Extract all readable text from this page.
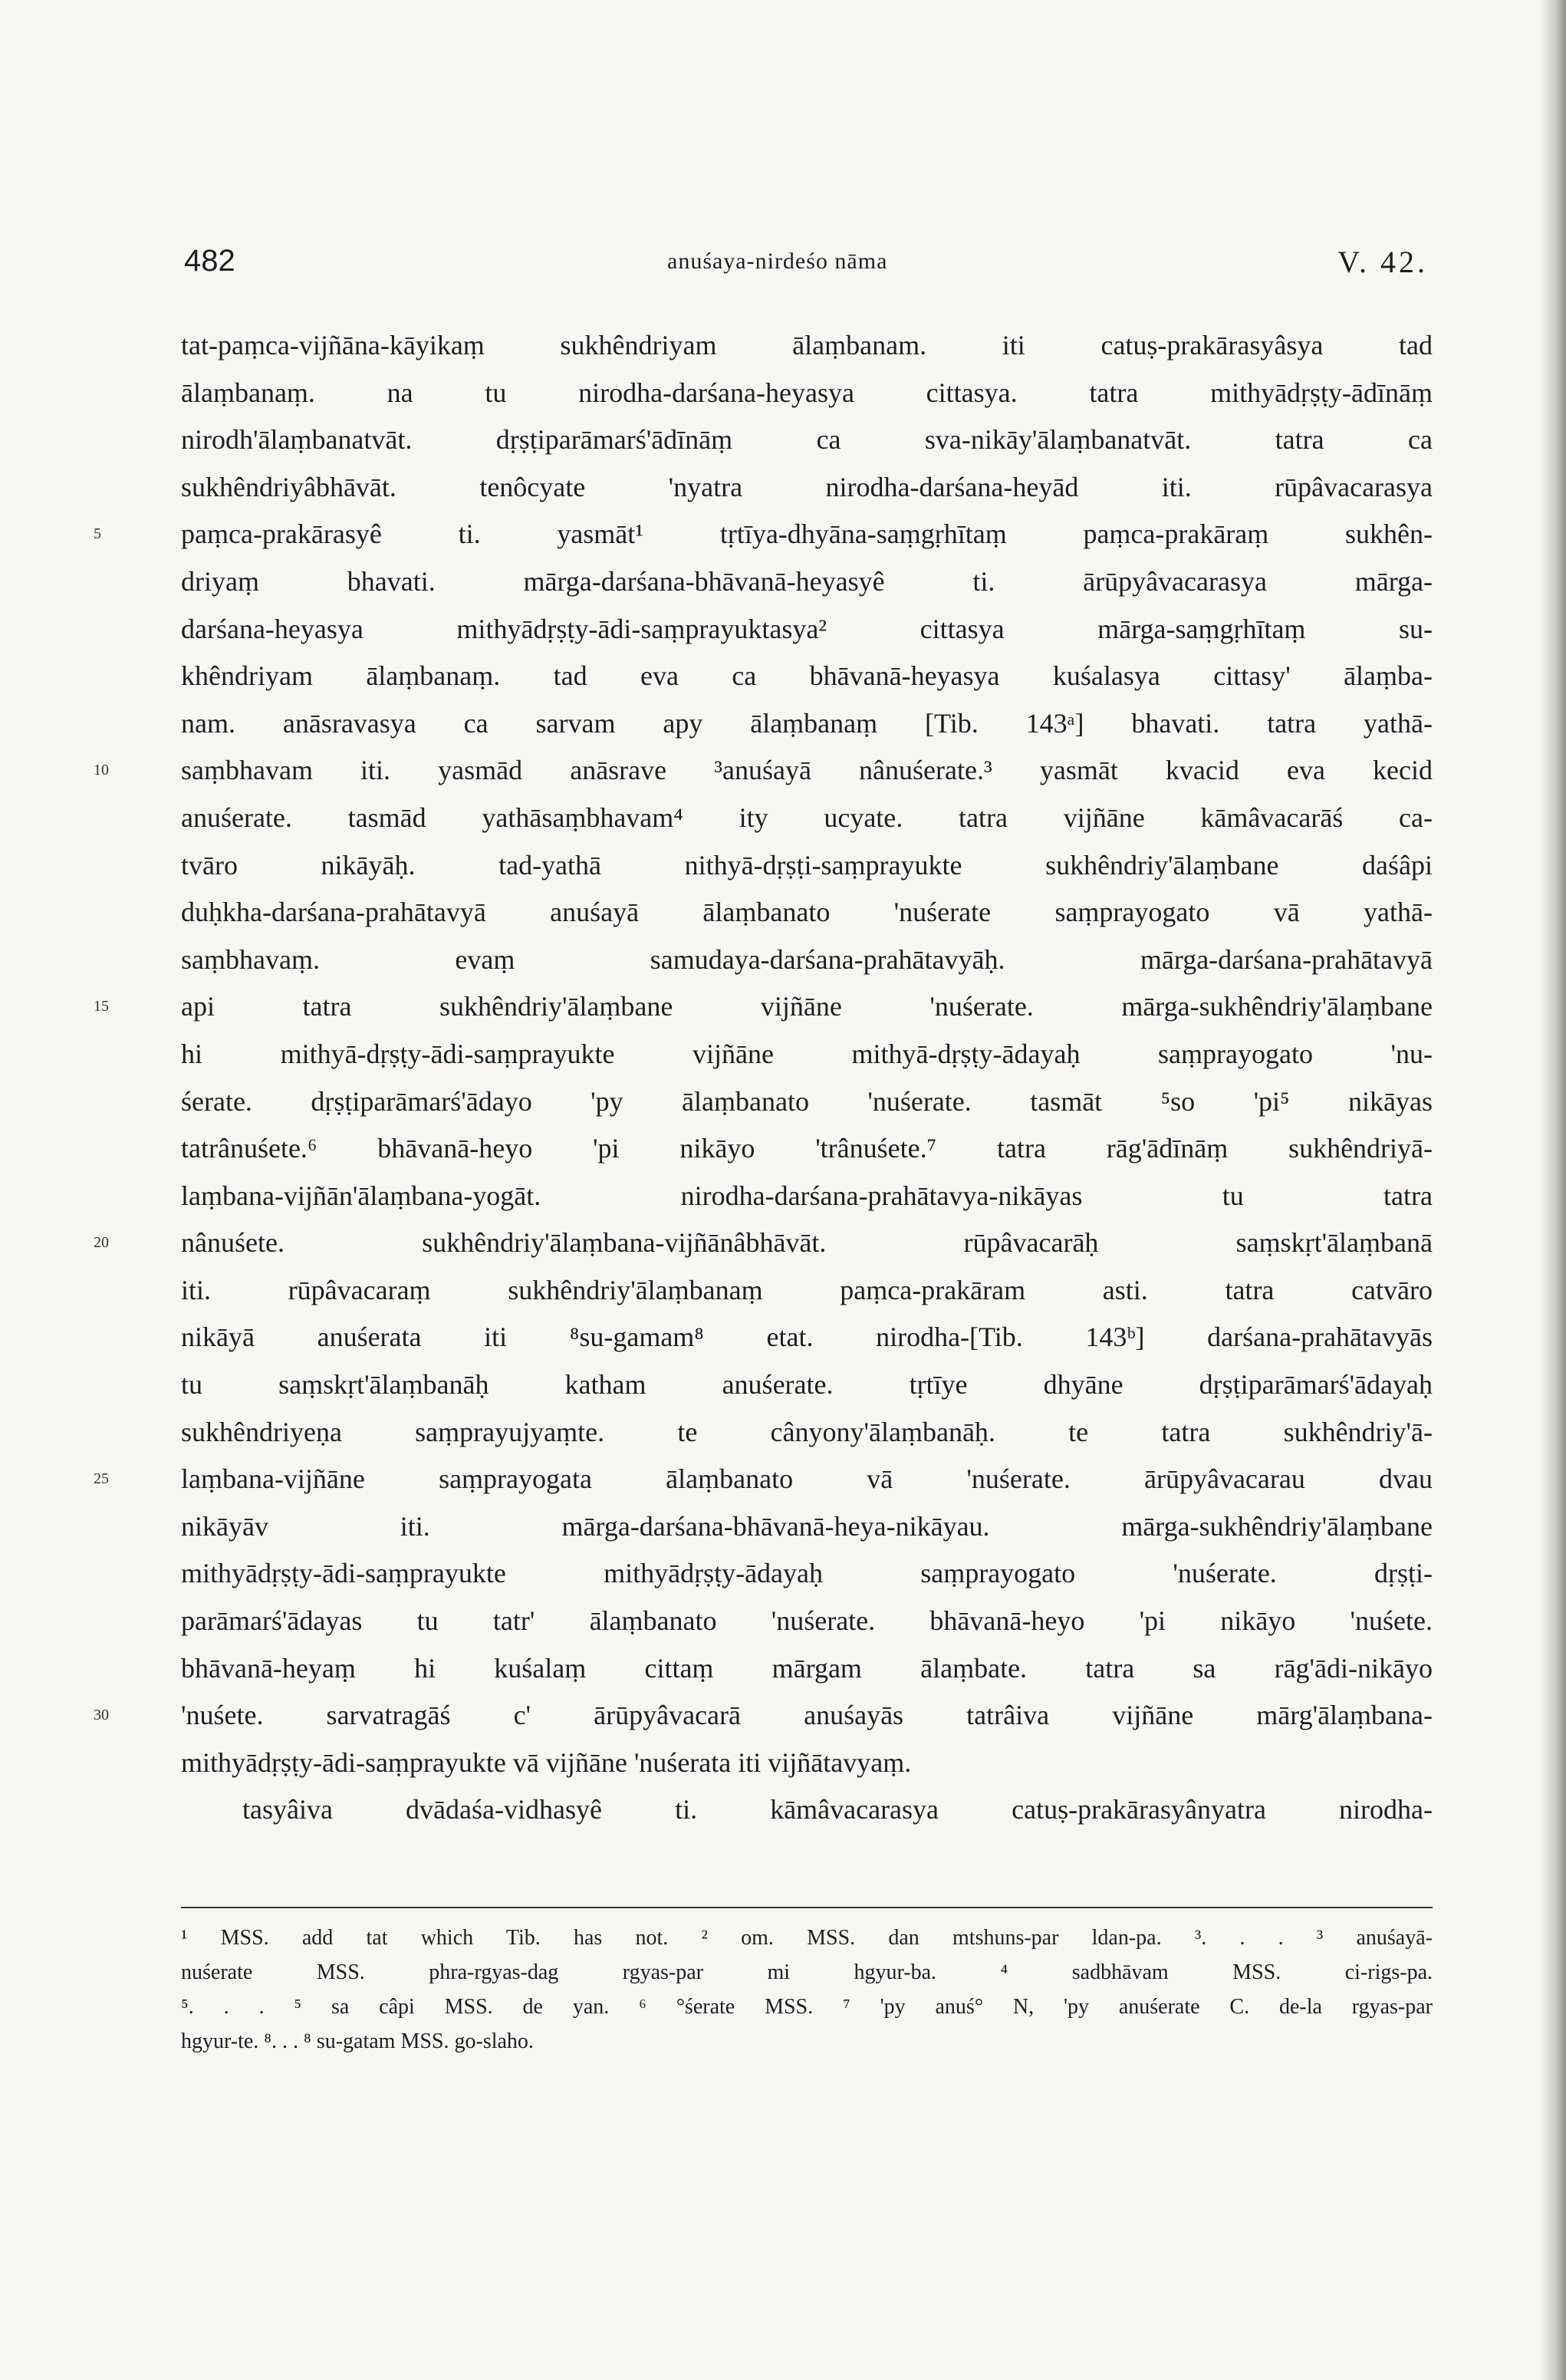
482	anuśaya-nirdeśo nāma	V. 42.
tat-paṃca-vijñāna-kāyikaṃ sukhêndriyam ālaṃbanam. iti catuṣ-prakārasyâsya tad
ālaṃbanaṃ. na tu nirodha-darśana-heyasya cittasya. tatra mithyādṛṣṭy-ādīnāṃ
nirodh'ālaṃbanatvāt. dṛṣṭiparāmarś'ādīnāṃ ca sva-nikāy'ālaṃbanatvāt. tatra ca
sukhêndriyâbhāvāt. tenôcyate 'nyatra nirodha-darśana-heyād iti. rūpâvacarasya
5	paṃca-prakārasyê ti. yasmāt¹ tṛtīya-dhyāna-saṃgṛhītaṃ paṃca-prakāraṃ sukhên-
driyaṃ bhavati. mārga-darśana-bhāvanā-heyasyê ti. ārūpyâvacarasya mārga-
darśana-heyasya mithyādṛṣṭy-ādi-saṃprayuktasya² cittasya mārga-saṃgṛhītaṃ su-
khêndriyam ālaṃbanaṃ. tad eva ca bhāvanā-heyasya kuśalasya cittasy' ālaṃba-
nam. anāsravasya ca sarvam apy ālaṃbanaṃ [Tib. 143ᵃ] bhavati. tatra yathā-
10	saṃbhavam iti. yasmād anāsrave ³anuśayā nânuśerate.³ yasmāt kvacid eva kecid
anuśerate. tasmād yathāsaṃbhavam⁴ ity ucyate. tatra vijñāne kāmâvacarāś ca-
tvāro nikāyāḥ. tad-yathā nithyā-dṛṣṭi-saṃprayukte sukhêndriy'ālaṃbane daśâpi
duḥkha-darśana-prahātavyā anuśayā ālaṃbanato 'nuśerate saṃprayogato vā yathā-
saṃbhavaṃ. evaṃ samudaya-darśana-prahātavyāḥ. mārga-darśana-prahātavyā
15	api tatra sukhêndriy'ālaṃbane vijñāne 'nuśerate. mārga-sukhêndriy'ālaṃbane
hi mithyā-dṛṣṭy-ādi-saṃprayukte vijñāne mithyā-dṛṣṭy-ādayaḥ saṃprayogato 'nu-
śerate. dṛṣṭiparāmarś'ādayo 'py ālaṃbanato 'nuśerate. tasmāt ⁵so 'pi⁵ nikāyas
tatrânuśete.⁶ bhāvanā-heyo 'pi nikāyo 'trânuśete.⁷ tatra rāg'ādīnāṃ sukhêndriyā-
laṃbana-vijñān'ālaṃbana-yogāt. nirodha-darśana-prahātavya-nikāyas tu tatra
20	nânuśete. sukhêndriy'ālaṃbana-vijñānâbhāvāt. rūpâvacarāḥ saṃskṛt'ālaṃbanā
iti. rūpâvacaraṃ sukhêndriy'ālaṃbanaṃ paṃca-prakāram asti. tatra catvāro
nikāyā anuśerata iti ⁸su-gamam⁸ etat. nirodha-[Tib. 143ᵇ] darśana-prahātavyās
tu saṃskṛt'ālaṃbanāḥ katham anuśerate. tṛtīye dhyāne dṛṣṭiparāmarś'ādayaḥ
sukhêndriyeṇa saṃprayujyaṃte. te cânyony'ālaṃbanāḥ. te tatra sukhêndriy'ā-
25	laṃbana-vijñāne saṃprayogata ālaṃbanato vā 'nuśerate. ārūpyâvacarau dvau
nikāyāv iti. mārga-darśana-bhāvanā-heya-nikāyau. mārga-sukhêndriy'ālaṃbane
mithyādṛṣṭy-ādi-saṃprayukte mithyādṛṣṭy-ādayaḥ saṃprayogato 'nuśerate. dṛṣṭi-
parāmarś'ādayas tu tatr' ālaṃbanato 'nuśerate. bhāvanā-heyo 'pi nikāyo 'nuśete.
bhāvanā-heyaṃ hi kuśalaṃ cittaṃ mārgam ālaṃbate. tatra sa rāg'ādi-nikāyo
30	'nuśete. sarvatragāś c' ārūpyâvacarā anuśayās tatrâiva vijñāne mārg'ālaṃbana-
mithyādṛṣṭy-ādi-saṃprayukte vā vijñāne 'nuśerata iti vijñātavyaṃ.
tasyâiva dvādaśa-vidhasyê ti. kāmâvacarasya catuṣ-prakārasyânyatra nirodha-
¹ MSS. add tat which Tib. has not. ² om. MSS. dan mtshuns-par ldan-pa. ³. . . ³ anuśayā-
nuśerate MSS. phra-rgyas-dag rgyas-par mi hgyur-ba. ⁴ sadbhāvam MSS. ci-rigs-pa.
⁵. . . ⁵ sa câpi MSS. de yan. ⁶ °śerate MSS. ⁷ 'py anuś° N, 'py anuśerate C. de-la rgyas-par
hgyur-te. ⁸. . . ⁸ su-gatam MSS. go-slaho.
